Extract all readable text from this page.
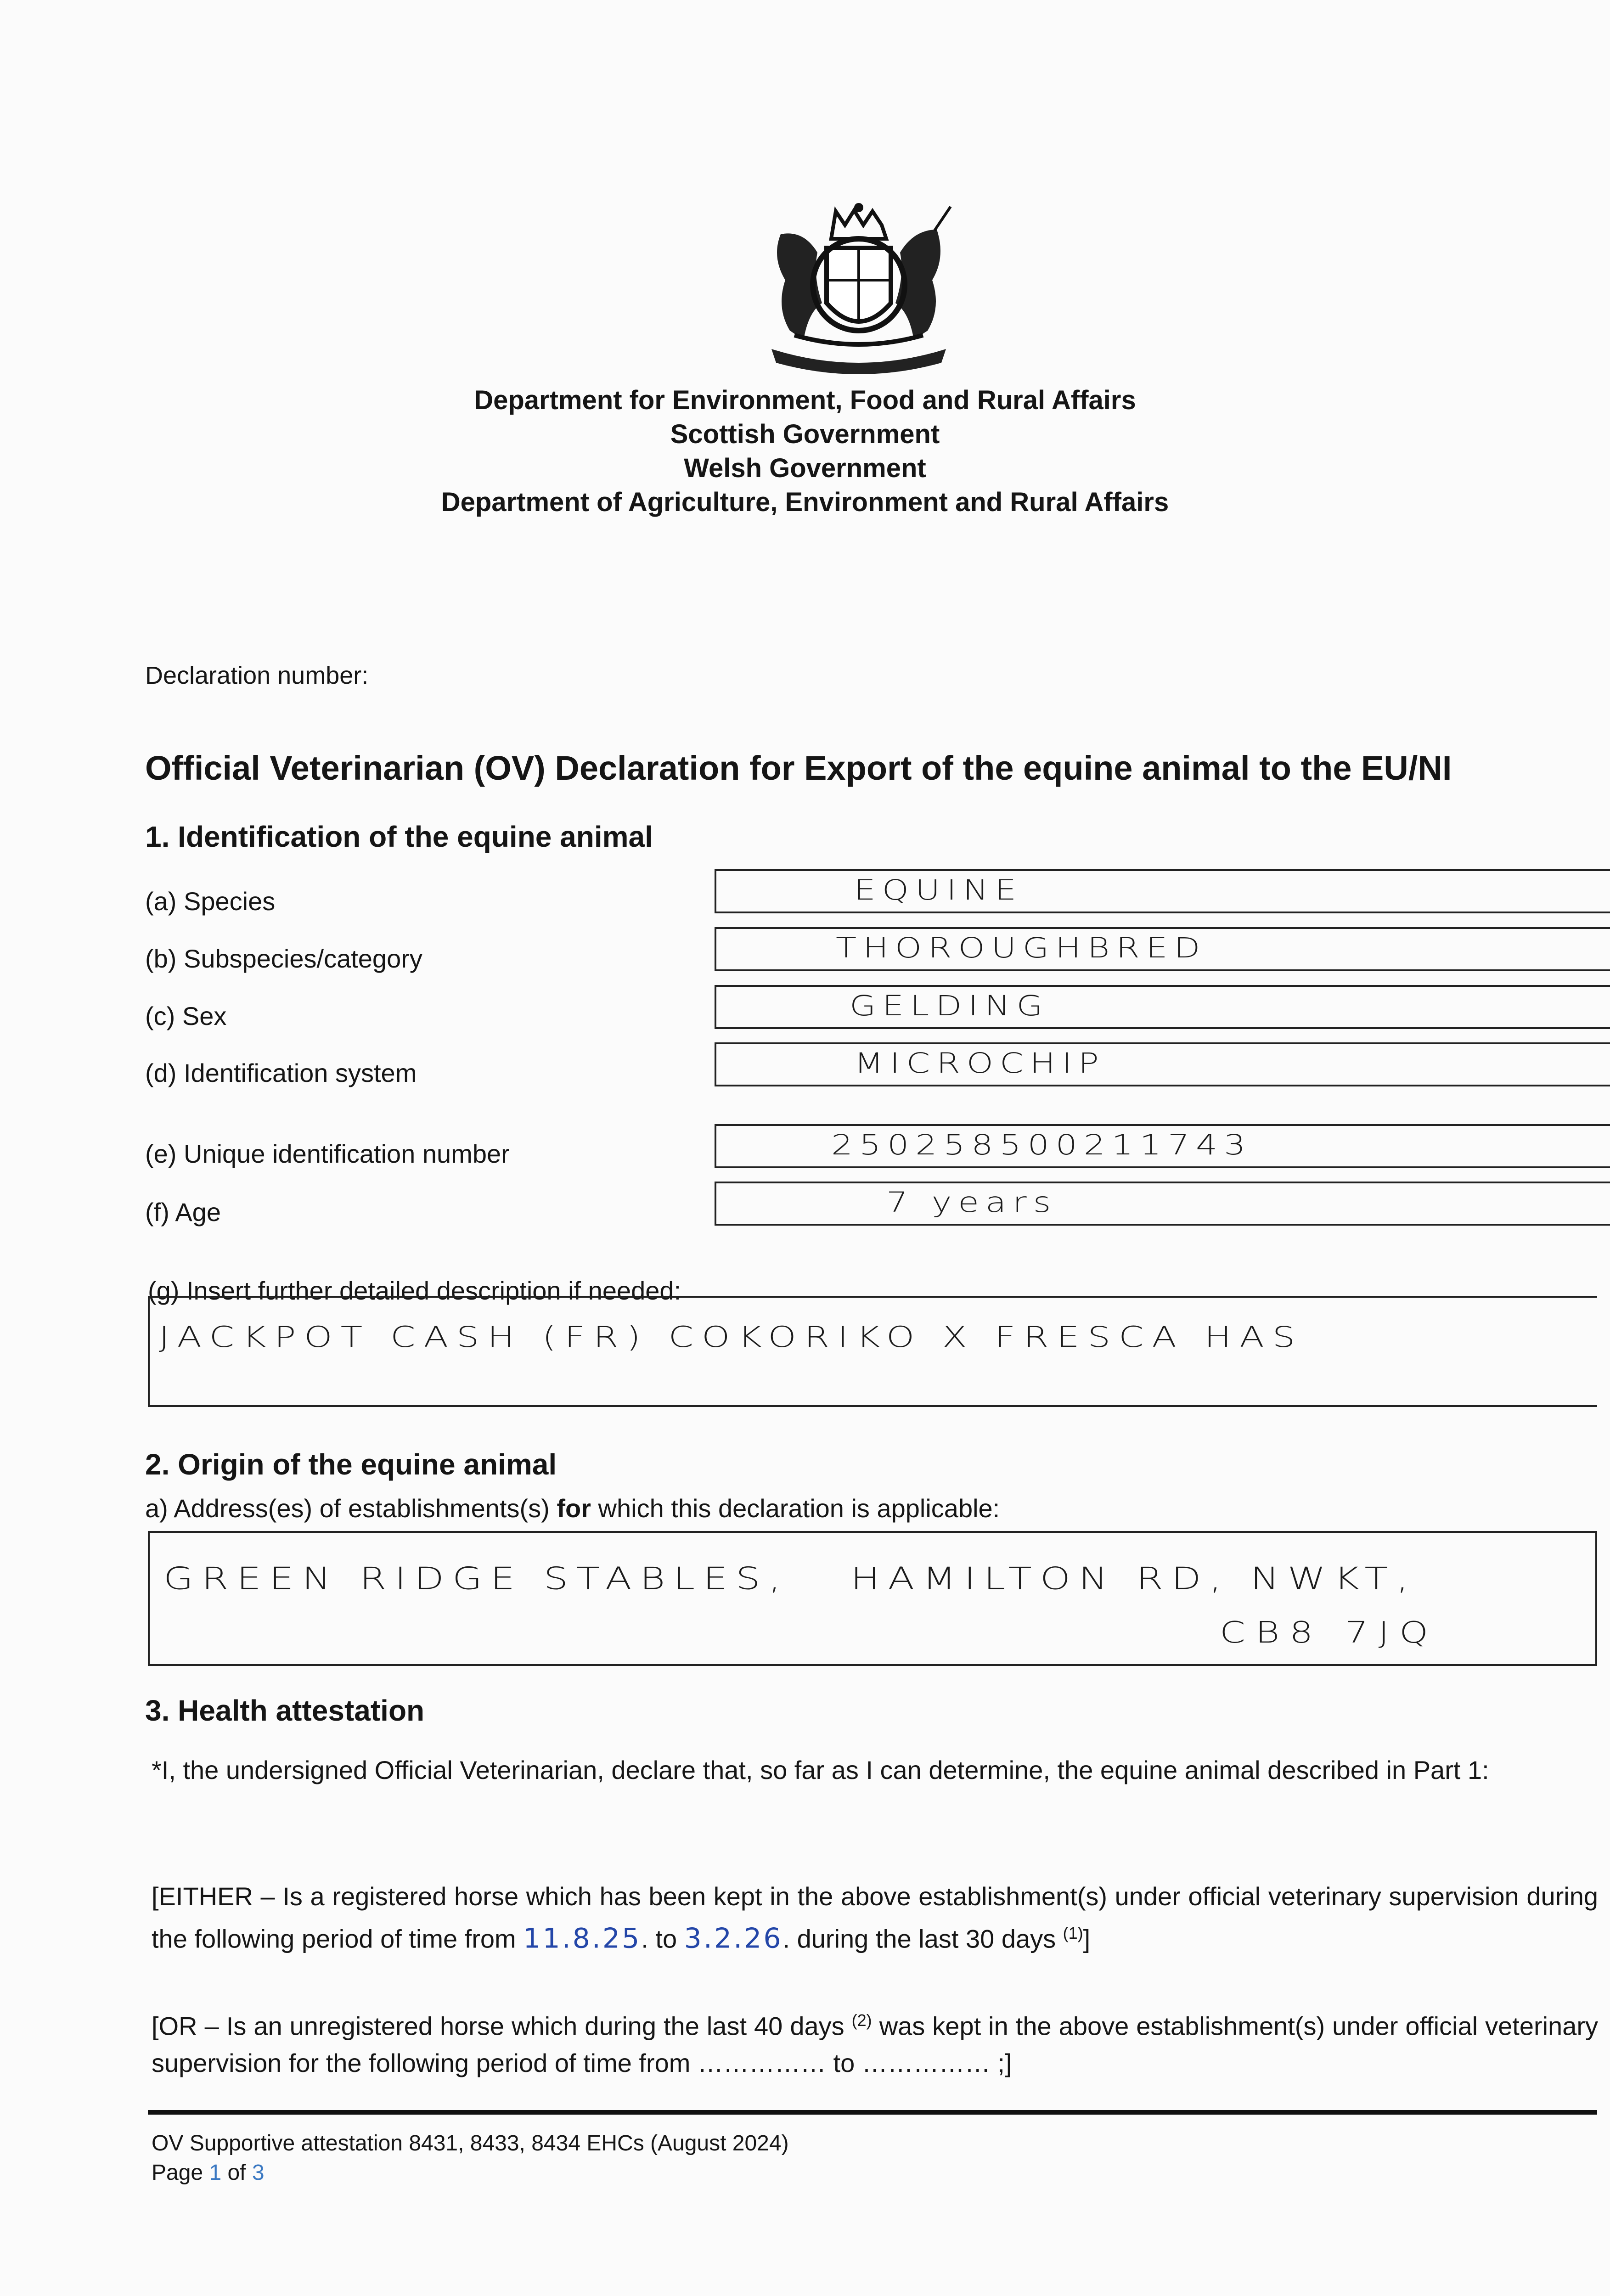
Department for Environment, Food and Rural Affairs
Scottish Government
Welsh Government
Department of Agriculture, Environment and Rural Affairs
Declaration number:
Official Veterinarian (OV) Declaration for Export of the equine animal to the EU/NI
1. Identification of the equine animal
(a) Species	EQUINE
(b) Subspecies/category	THOROUGHBRED
(c) Sex	GELDING
(d) Identification system	MICROCHIP
(e) Unique identification number	250258500211743
(f) Age	7 years
(g) Insert further detailed description if needed:
JACKPOT CASH (FR) COKORIKO X FRESCA HAS
2. Origin of the equine animal
a) Address(es) of establishments(s) for which this declaration is applicable:
GREEN RIDGE STABLES,   HAMILTON RD, NWKT,
CB8 7JQ
3. Health attestation
*I, the undersigned Official Veterinarian, declare that, so far as I can determine, the equine animal described in Part 1:
[EITHER – Is a registered horse which has been kept in the above establishment(s) under official veterinary supervision during the following period of time from 11.8.25. to 3.2.26. during the last 30 days $^{(1)}$]
[OR – Is an unregistered horse which during the last 40 days $^{(2)}$ was kept in the above establishment(s) under official veterinary supervision for the following period of time from …………… to …………… ;]
OV Supportive attestation 8431, 8433, 8434 EHCs (August 2024)
Page 1 of 3
